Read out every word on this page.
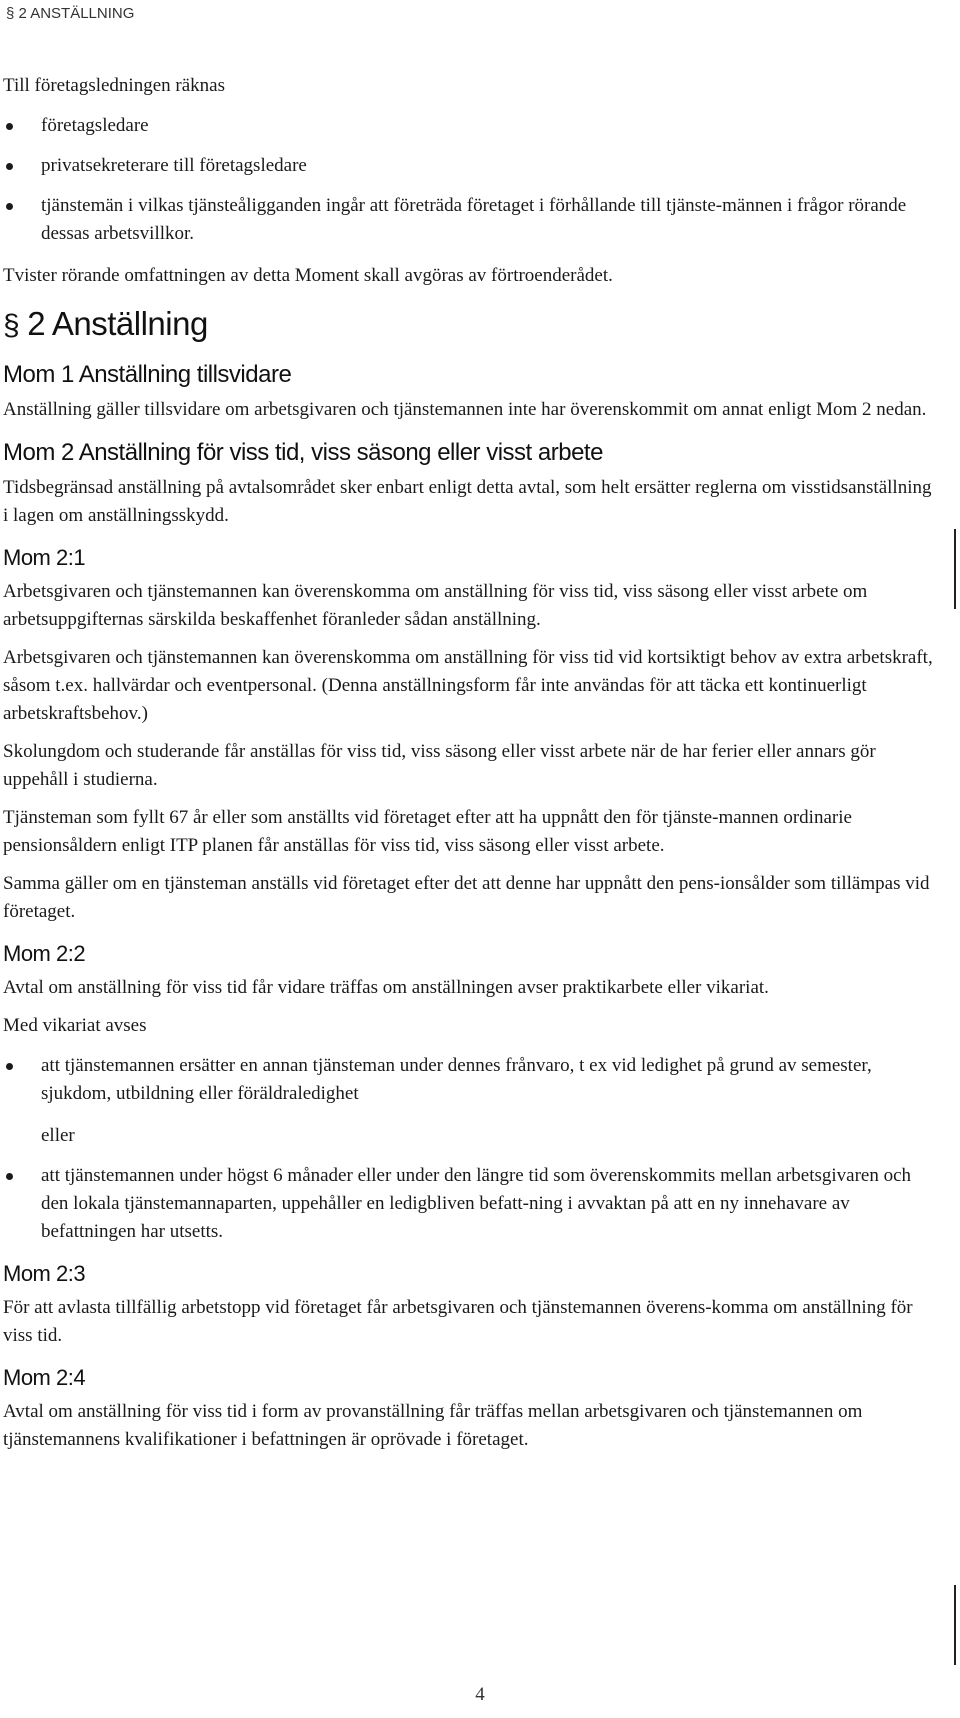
§ 2 ANSTÄLLNING

Till företagsledningen räknas

företagsledare
privatsekreterare till företagsledare
tjänstemän i vilkas tjänsteåligganden ingår att företräda företaget i förhållande till tjänste-männen i frågor rörande dessas arbetsvillkor.

Tvister rörande omfattningen av detta Moment skall avgöras av förtroenderådet.

§ 2 Anställning
Mom 1 Anställning tillsvidare

Anställning gäller tillsvidare om arbetsgivaren och tjänstemannen inte har överenskommit om annat enligt Mom 2 nedan.

Mom 2 Anställning för viss tid, viss säsong eller visst arbete

Tidsbegränsad anställning på avtalsområdet sker enbart enligt detta avtal, som helt ersätter reglerna om visstidsanställning i lagen om anställningsskydd.

Mom 2:1

Arbetsgivaren och tjänstemannen kan överenskomma om anställning för viss tid, viss säsong eller visst arbete om arbetsuppgifternas särskilda beskaffenhet föranleder sådan anställning.

Arbetsgivaren och tjänstemannen kan överenskomma om anställning för viss tid vid kortsiktigt behov av extra arbetskraft, såsom t.ex. hallvärdar och eventpersonal. (Denna anställningsform får inte användas för att täcka ett kontinuerligt arbetskraftsbehov.)

Skolungdom och studerande får anställas för viss tid, viss säsong eller visst arbete när de har ferier eller annars gör uppehåll i studierna.

Tjänsteman som fyllt 67 år eller som anställts vid företaget efter att ha uppnått den för tjänste-mannen ordinarie pensionsåldern enligt ITP planen får anställas för viss tid, viss säsong eller visst arbete.

Samma gäller om en tjänsteman anställs vid företaget efter det att denne har uppnått den pens-ionsålder som tillämpas vid företaget.

Mom 2:2

Avtal om anställning för viss tid får vidare träffas om anställningen avser praktikarbete eller vikariat.

Med vikariat avses

att tjänstemannen ersätter en annan tjänsteman under dennes frånvaro, t ex vid ledighet på grund av semester, sjukdom, utbildning eller föräldraledighet
eller
att tjänstemannen under högst 6 månader eller under den längre tid som överenskommits mellan arbetsgivaren och den lokala tjänstemannaparten, uppehåller en ledigbliven befatt-ning i avvaktan på att en ny innehavare av befattningen har utsetts.
Mom 2:3

För att avlasta tillfällig arbetstopp vid företaget får arbetsgivaren och tjänstemannen överens-komma om anställning för viss tid.

Mom 2:4

Avtal om anställning för viss tid i form av provanställning får träffas mellan arbetsgivaren och tjänstemannen om tjänstemannens kvalifikationer i befattningen är oprövade i företaget.

4
